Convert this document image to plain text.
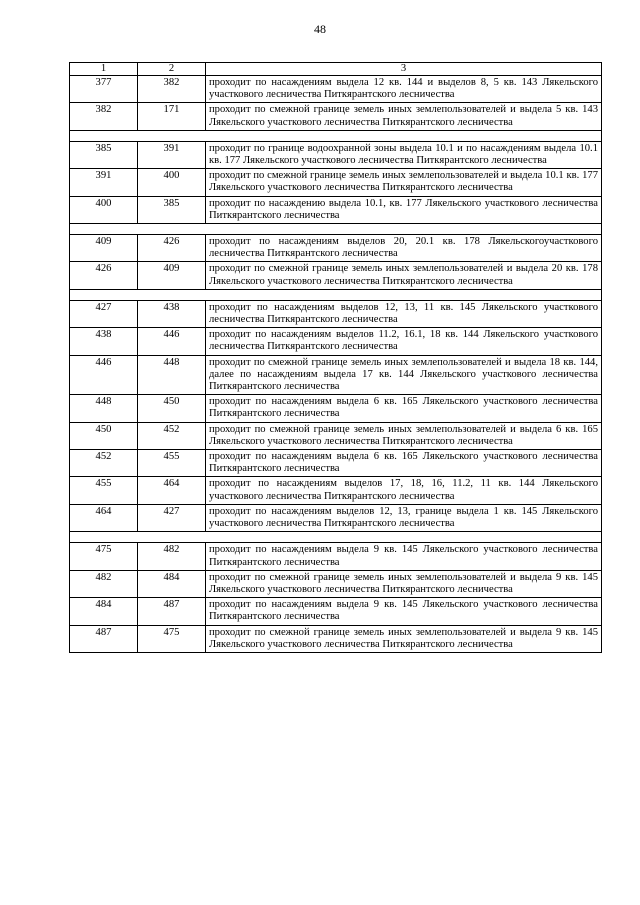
48
1	2	3
377	382	проходит по насаждениям выдела 12 кв. 144 и выделов 8, 5 кв. 143 Лякельского участкового лесничества Питкярантского лесничества
382	171	проходит по смежной границе земель иных землепользователей и выдела 5 кв. 143 Лякельского участкового лесничества Питкярантского лесничества

385	391	проходит по границе водоохранной зоны выдела 10.1 и по насаждениям выдела 10.1 кв. 177 Лякельского участкового лесничества Питкярантского лесничества
391	400	проходит по смежной границе земель иных землепользователей и выдела 10.1 кв. 177 Лякельского участкового лесничества Питкярантского лесничества
400	385	проходит по насаждению выдела 10.1, кв. 177 Лякельского участкового лесничества Питкярантского лесничества

409	426	проходит по насаждениям выделов 20, 20.1 кв. 178 Лякельскогоучасткового лесничества Питкярантского лесничества
426	409	проходит по смежной границе земель иных землепользователей и выдела 20 кв. 178 Лякельского участкового лесничества Питкярантского лесничества

427	438	проходит по насаждениям выделов 12, 13, 11 кв. 145 Лякельского участкового лесничества Питкярантского лесничества
438	446	проходит по насаждениям выделов 11.2, 16.1, 18 кв. 144 Лякельского участкового лесничества Питкярантского лесничества
446	448	проходит по смежной границе земель иных землепользователей и выдела 18 кв. 144, далее по насаждениям выдела 17 кв. 144 Лякельского участкового лесничества Питкярантского лесничества
448	450	проходит по насаждениям выдела 6 кв. 165 Лякельского участкового лесничества Питкярантского лесничества
450	452	проходит по смежной границе земель иных землепользователей и выдела 6 кв. 165 Лякельского участкового лесничества Питкярантского лесничества
452	455	проходит по насаждениям выдела 6 кв. 165 Лякельского участкового лесничества Питкярантского лесничества
455	464	проходит по насаждениям выделов 17, 18, 16, 11.2, 11 кв. 144 Лякельского участкового лесничества Питкярантского лесничества
464	427	проходит по насаждениям выделов 12, 13, границе выдела 1 кв. 145 Лякельского участкового лесничества Питкярантского лесничества

475	482	проходит по насаждениям выдела 9 кв. 145 Лякельского участкового лесничества Питкярантского лесничества
482	484	проходит по смежной границе земель иных землепользователей и выдела 9 кв. 145 Лякельского участкового лесничества Питкярантского лесничества
484	487	проходит по насаждениям выдела 9 кв. 145 Лякельского участкового лесничества Питкярантского лесничества
487	475	проходит по смежной границе земель иных землепользователей и выдела 9 кв. 145 Лякельского участкового лесничества Питкярантского лесничества
